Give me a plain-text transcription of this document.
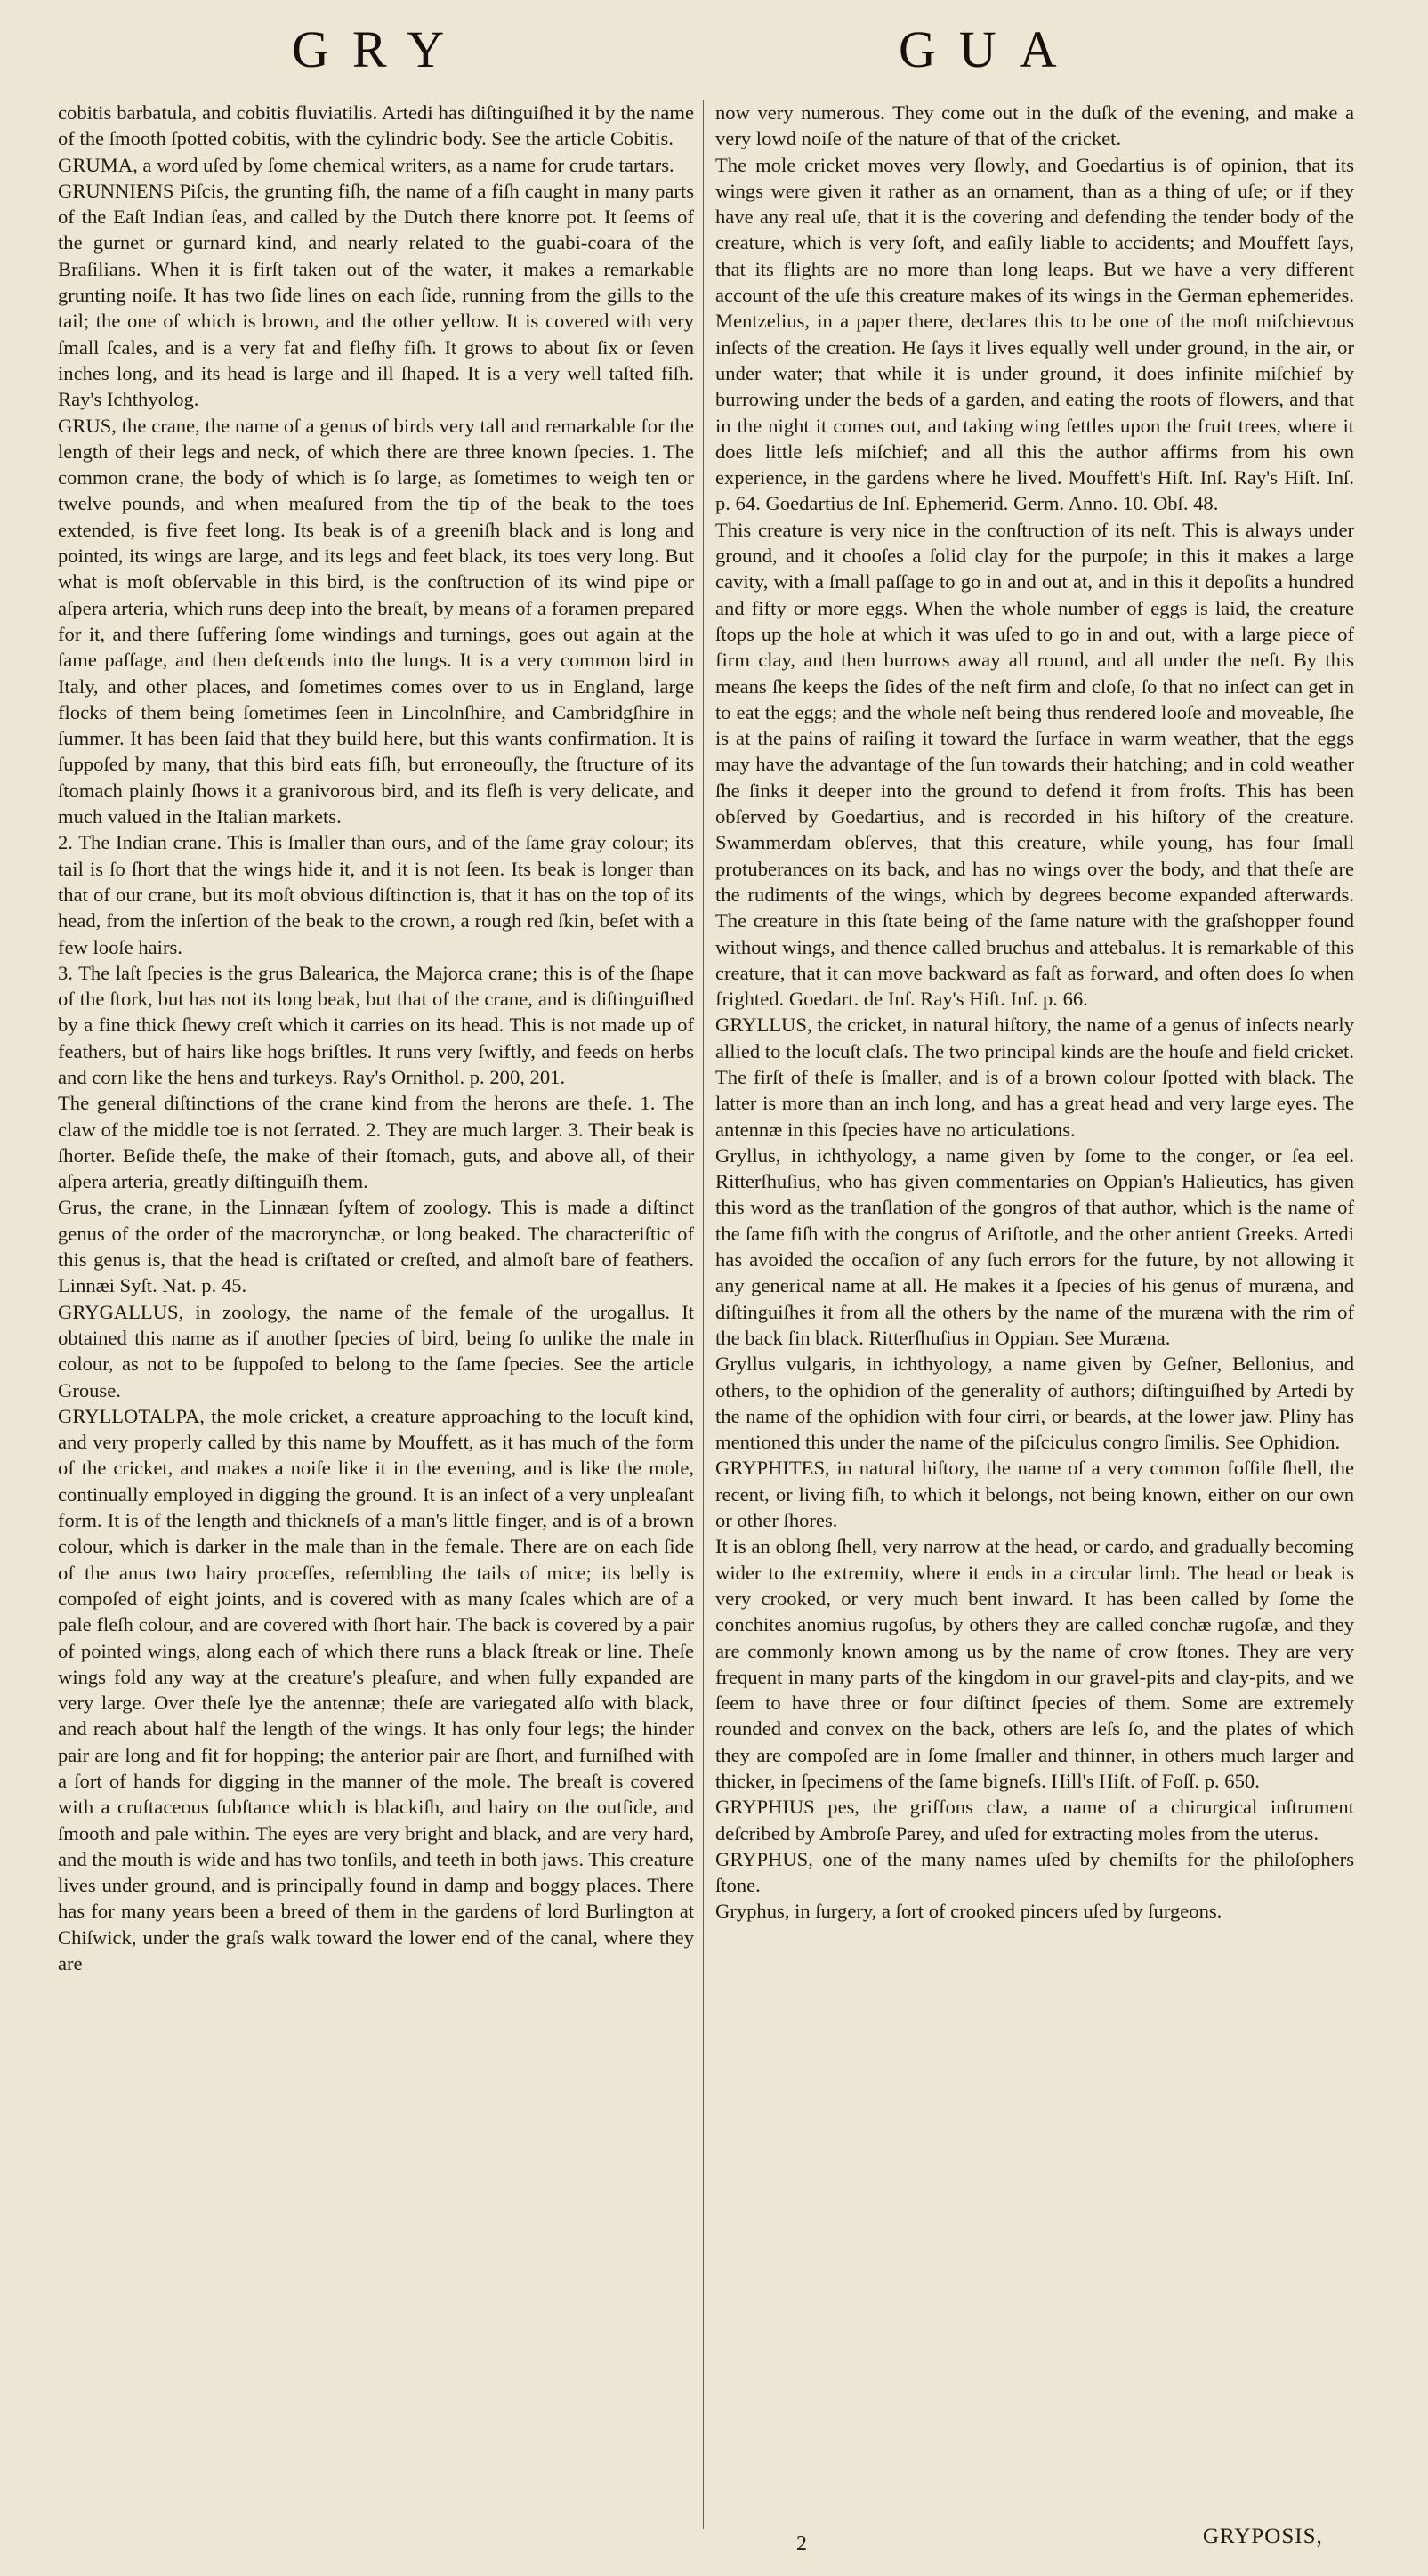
GRY	GUA

cobitis barbatula, and cobitis fluviatilis. Artedi has diſtinguiſhed it by the name of the ſmooth ſpotted cobitis, with the cylindric body. See the article Cobitis.

GRUMA, a word uſed by ſome chemical writers, as a name for crude tartars.

GRUNNIENS Piſcis, the grunting fiſh, the name of a fiſh caught in many parts of the Eaſt Indian ſeas, and called by the Dutch there knorre pot. It ſeems of the gurnet or gurnard kind, and nearly related to the guabi-coara of the Braſilians. When it is firſt taken out of the water, it makes a remarkable grunting noiſe. It has two ſide lines on each ſide, running from the gills to the tail; the one of which is brown, and the other yellow. It is covered with very ſmall ſcales, and is a very fat and fleſhy fiſh. It grows to about ſix or ſeven inches long, and its head is large and ill ſhaped. It is a very well taſted fiſh. Ray's Ichthyolog.

GRUS, the crane, the name of a genus of birds very tall and remarkable for the length of their legs and neck, of which there are three known ſpecies. 1. The common crane, the body of which is ſo large, as ſometimes to weigh ten or twelve pounds, and when meaſured from the tip of the beak to the toes extended, is five feet long. Its beak is of a greeniſh black and is long and pointed, its wings are large, and its legs and feet black, its toes very long. But what is moſt obſervable in this bird, is the conſtruction of its wind pipe or aſpera arteria, which runs deep into the breaſt, by means of a foramen prepared for it, and there ſuffering ſome windings and turnings, goes out again at the ſame paſſage, and then deſcends into the lungs. It is a very common bird in Italy, and other places, and ſometimes comes over to us in England, large flocks of them being ſometimes ſeen in Lincolnſhire, and Cambridgſhire in ſummer. It has been ſaid that they build here, but this wants confirmation. It is ſuppoſed by many, that this bird eats fiſh, but erroneouſly, the ſtructure of its ſtomach plainly ſhows it a granivorous bird, and its fleſh is very delicate, and much valued in the Italian markets.

2. The Indian crane. This is ſmaller than ours, and of the ſame gray colour; its tail is ſo ſhort that the wings hide it, and it is not ſeen. Its beak is longer than that of our crane, but its moſt obvious diſtinction is, that it has on the top of its head, from the inſertion of the beak to the crown, a rough red ſkin, beſet with a few looſe hairs.

3. The laſt ſpecies is the grus Balearica, the Majorca crane; this is of the ſhape of the ſtork, but has not its long beak, but that of the crane, and is diſtinguiſhed by a fine thick ſhewy creſt which it carries on its head. This is not made up of feathers, but of hairs like hogs briſtles. It runs very ſwiftly, and feeds on herbs and corn like the hens and turkeys. Ray's Ornithol. p. 200, 201.

The general diſtinctions of the crane kind from the herons are theſe. 1. The claw of the middle toe is not ſerrated. 2. They are much larger. 3. Their beak is ſhorter. Beſide theſe, the make of their ſtomach, guts, and above all, of their aſpera arteria, greatly diſtinguiſh them.

Grus, the crane, in the Linnæan ſyſtem of zoology. This is made a diſtinct genus of the order of the macrorynchæ, or long beaked. The characteriſtic of this genus is, that the head is criſtated or creſted, and almoſt bare of feathers. Linnæi Syſt. Nat. p. 45.

GRYGALLUS, in zoology, the name of the female of the urogallus. It obtained this name as if another ſpecies of bird, being ſo unlike the male in colour, as not to be ſuppoſed to belong to the ſame ſpecies. See the article Grouse.

GRYLLOTALPA, the mole cricket, a creature approaching to the locuſt kind, and very properly called by this name by Mouffett, as it has much of the form of the cricket, and makes a noiſe like it in the evening, and is like the mole, continually employed in digging the ground. It is an inſect of a very unpleaſant form. It is of the length and thickneſs of a man's little finger, and is of a brown colour, which is darker in the male than in the female. There are on each ſide of the anus two hairy proceſſes, reſembling the tails of mice; its belly is compoſed of eight joints, and is covered with as many ſcales which are of a pale fleſh colour, and are covered with ſhort hair. The back is covered by a pair of pointed wings, along each of which there runs a black ſtreak or line. Theſe wings fold any way at the creature's pleaſure, and when fully expanded are very large. Over theſe lye the antennæ; theſe are variegated alſo with black, and reach about half the length of the wings. It has only four legs; the hinder pair are long and fit for hopping; the anterior pair are ſhort, and furniſhed with a ſort of hands for digging in the manner of the mole. The breaſt is covered with a cruſtaceous ſubſtance which is blackiſh, and hairy on the outſide, and ſmooth and pale within. The eyes are very bright and black, and are very hard, and the mouth is wide and has two tonſils, and teeth in both jaws. This creature lives under ground, and is principally found in damp and boggy places. There has for many years been a breed of them in the gardens of lord Burlington at Chiſwick, under the graſs walk toward the lower end of the canal, where they are

now very numerous. They come out in the duſk of the evening, and make a very lowd noiſe of the nature of that of the cricket.

The mole cricket moves very ſlowly, and Goedartius is of opinion, that its wings were given it rather as an ornament, than as a thing of uſe; or if they have any real uſe, that it is the covering and defending the tender body of the creature, which is very ſoft, and eaſily liable to accidents; and Mouffett ſays, that its flights are no more than long leaps. But we have a very different account of the uſe this creature makes of its wings in the German ephemerides. Mentzelius, in a paper there, declares this to be one of the moſt miſchievous inſects of the creation. He ſays it lives equally well under ground, in the air, or under water; that while it is under ground, it does infinite miſchief by burrowing under the beds of a garden, and eating the roots of flowers, and that in the night it comes out, and taking wing ſettles upon the fruit trees, where it does little leſs miſchief; and all this the author affirms from his own experience, in the gardens where he lived. Mouffett's Hiſt. Inſ. Ray's Hiſt. Inſ. p. 64. Goedartius de Inſ. Ephemerid. Germ. Anno. 10. Obſ. 48.

This creature is very nice in the conſtruction of its neſt. This is always under ground, and it chooſes a ſolid clay for the purpoſe; in this it makes a large cavity, with a ſmall paſſage to go in and out at, and in this it depoſits a hundred and fifty or more eggs. When the whole number of eggs is laid, the creature ſtops up the hole at which it was uſed to go in and out, with a large piece of firm clay, and then burrows away all round, and all under the neſt. By this means ſhe keeps the ſides of the neſt firm and cloſe, ſo that no inſect can get in to eat the eggs; and the whole neſt being thus rendered looſe and moveable, ſhe is at the pains of raiſing it toward the ſurface in warm weather, that the eggs may have the advantage of the ſun towards their hatching; and in cold weather ſhe ſinks it deeper into the ground to defend it from froſts. This has been obſerved by Goedartius, and is recorded in his hiſtory of the creature. Swammerdam obſerves, that this creature, while young, has four ſmall protuberances on its back, and has no wings over the body, and that theſe are the rudiments of the wings, which by degrees become expanded afterwards. The creature in this ſtate being of the ſame nature with the graſshopper found without wings, and thence called bruchus and attebalus. It is remarkable of this creature, that it can move backward as faſt as forward, and often does ſo when frighted. Goedart. de Inſ. Ray's Hiſt. Inſ. p. 66.

GRYLLUS, the cricket, in natural hiſtory, the name of a genus of inſects nearly allied to the locuſt claſs. The two principal kinds are the houſe and field cricket. The firſt of theſe is ſmaller, and is of a brown colour ſpotted with black. The latter is more than an inch long, and has a great head and very large eyes. The antennæ in this ſpecies have no articulations.

Gryllus, in ichthyology, a name given by ſome to the conger, or ſea eel. Ritterſhuſius, who has given commentaries on Oppian's Halieutics, has given this word as the tranſlation of the gongros of that author, which is the name of the ſame fiſh with the congrus of Ariſtotle, and the other antient Greeks. Artedi has avoided the occaſion of any ſuch errors for the future, by not allowing it any generical name at all. He makes it a ſpecies of his genus of muræna, and diſtinguiſhes it from all the others by the name of the muræna with the rim of the back fin black. Ritterſhuſius in Oppian. See Muræna.

Gryllus vulgaris, in ichthyology, a name given by Geſner, Bellonius, and others, to the ophidion of the generality of authors; diſtinguiſhed by Artedi by the name of the ophidion with four cirri, or beards, at the lower jaw. Pliny has mentioned this under the name of the piſciculus congro ſimilis. See Ophidion.

GRYPHITES, in natural hiſtory, the name of a very common foſſile ſhell, the recent, or living fiſh, to which it belongs, not being known, either on our own or other ſhores.

It is an oblong ſhell, very narrow at the head, or cardo, and gradually becoming wider to the extremity, where it ends in a circular limb. The head or beak is very crooked, or very much bent inward. It has been called by ſome the conchites anomius rugoſus, by others they are called conchæ rugoſæ, and they are commonly known among us by the name of crow ſtones. They are very frequent in many parts of the kingdom in our gravel-pits and clay-pits, and we ſeem to have three or four diſtinct ſpecies of them. Some are extremely rounded and convex on the back, others are leſs ſo, and the plates of which they are compoſed are in ſome ſmaller and thinner, in others much larger and thicker, in ſpecimens of the ſame bigneſs. Hill's Hiſt. of Foſſ. p. 650.

GRYPHIUS pes, the griffons claw, a name of a chirurgical inſtrument deſcribed by Ambroſe Parey, and uſed for extracting moles from the uterus.

GRYPHUS, one of the many names uſed by chemiſts for the philoſophers ſtone.

Gryphus, in ſurgery, a ſort of crooked pincers uſed by ſurgeons.

2	GRYPOSIS,
